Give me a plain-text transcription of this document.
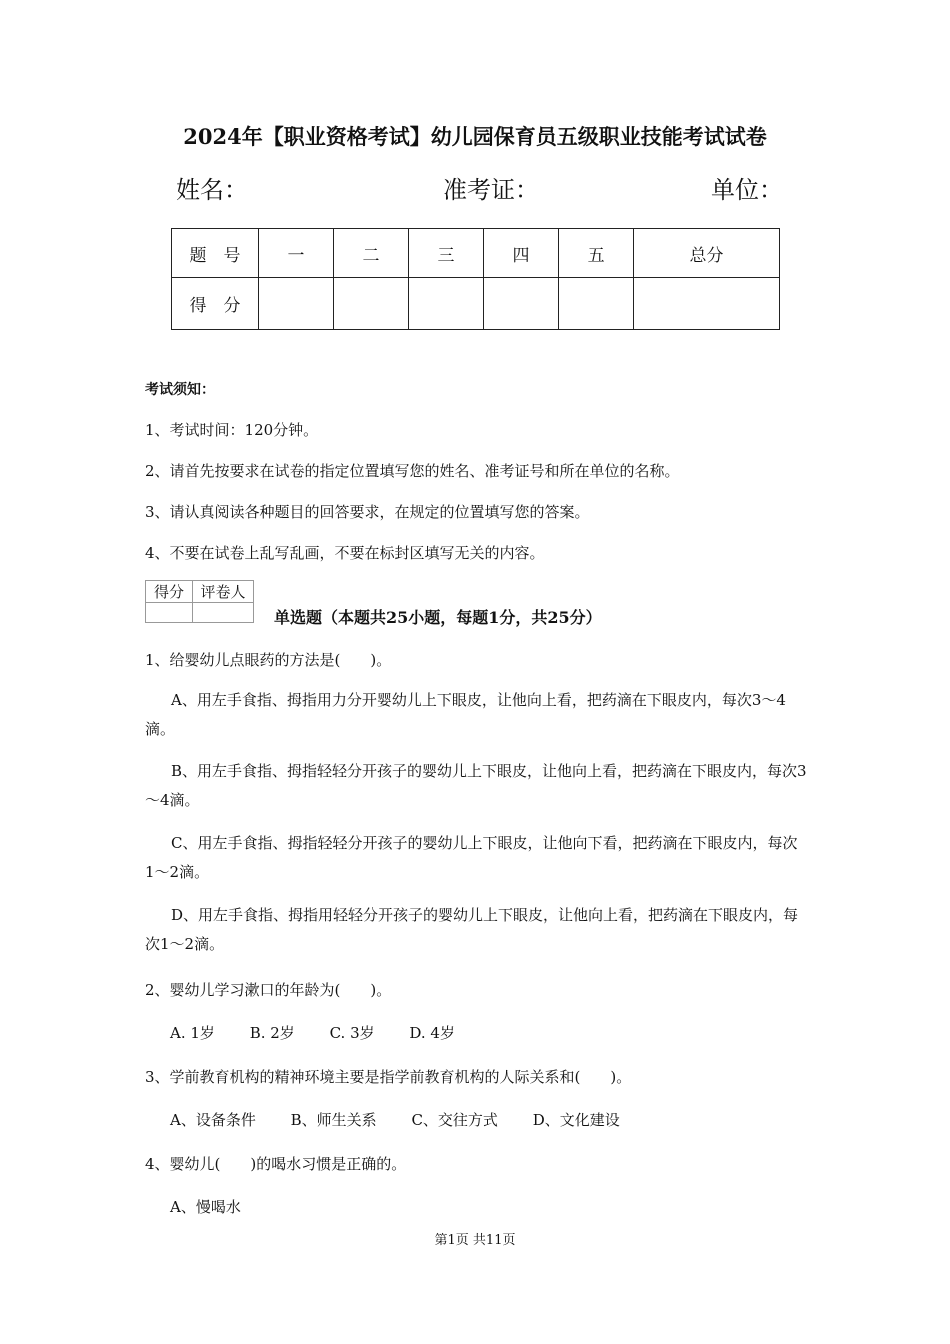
2024年【职业资格考试】幼儿园保育员五级职业技能考试试卷
姓名：	准考证：	单位：
题　号	一	二	三	四	五	总分
得　分						
考试须知：
1、考试时间：120分钟。
2、请首先按要求在试卷的指定位置填写您的姓名、准考证号和所在单位的名称。
3、请认真阅读各种题目的回答要求，在规定的位置填写您的答案。
4、不要在试卷上乱写乱画，不要在标封区填写无关的内容。
得分	评卷人

单选题（本题共25小题，每题1分，共25分）
1、给婴幼儿点眼药的方法是(　　)。
A、用左手食指、拇指用力分开婴幼儿上下眼皮，让他向上看，把药滴在下眼皮内，每次3～4滴。
B、用左手食指、拇指轻轻分开孩子的婴幼儿上下眼皮，让他向上看，把药滴在下眼皮内，每次3～4滴。
C、用左手食指、拇指轻轻分开孩子的婴幼儿上下眼皮，让他向下看，把药滴在下眼皮内，每次1～2滴。
D、用左手食指、拇指用轻轻分开孩子的婴幼儿上下眼皮，让他向上看，把药滴在下眼皮内，每次1～2滴。
2、婴幼儿学习漱口的年龄为(　　)。
A. 1岁 B. 2岁 C. 3岁 D. 4岁
3、学前教育机构的精神环境主要是指学前教育机构的人际关系和(　　)。
A、设备条件 B、师生关系 C、交往方式 D、文化建设
4、婴幼儿(　　)的喝水习惯是正确的。
A、慢喝水
第1页 共11页
